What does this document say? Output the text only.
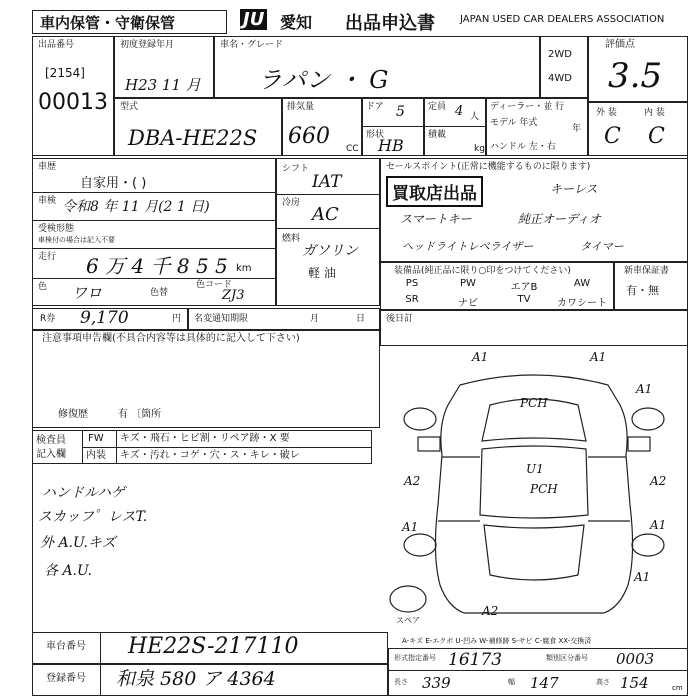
車内保管・守衛保管	JU 愛知 出品申込書	JAPAN USED CAR DEALERS ASSOCIATION
出品番号
[2154]
00013
初度登録年月
H23 11 月
車名・グレード
ラパン ・ G
2WD
4WD
評価点
3.5
型式
DBA-HE22S
排気量
660 CC
ドア 5
形状
HB
定員 4 人
積載
kg
ディーラー・並 行
モデル 年式
年
ハンドル 左・右
外 装	内 装
C C
車歴
自家用・( )
車検 令和8 年 11 月(2 1 日)
受検形態
車検付の場合は記入不要
走行 6 万 4 千 8 5 5 km
色 ワロ	色替
色コード
ZJ3
シフト
IAT
冷房
AC
燃料
ガソリン
軽 油
セールスポイント(正常に機能するものに限ります)
買取店出品	キーレス
スマートキー	純正オーディオ
ヘッドライトレベライザー	タイマー
装備品(純正品に限り○印をつけてください)
PS	PW	エアB	AW
SR	ナビ	TV	カワシート
新車保証書
有・無
R券 9,170	円 名変通知期限	月	日 後日訂
注意事項申告欄(不具合内容等は具体的に記入して下さい)
修復歴	有 〔箇所
検査員
記入欄
FW キズ・飛石・ヒビ割・リペア跡・X 要
内装 キズ・汚れ・コゲ・穴・ス・キレ・破レ
ハンドルハゲ
スカッフ゜レスT.
外 A.U.キズ
各 A.U.
A1	A1
A1
A2	A2
A1	A1
U1
PCH
PCH
A1
A2
スペア
A-キズ E-エクボ U-凹み W-補修跡 S-サビ C-腐食 XX-交換済
車台番号 HE22S-217110
登録番号 和泉 580 ア 4364
形式指定番号 16173	類別区分番号 0003
長さ 339	幅 147	高さ 154	cm
